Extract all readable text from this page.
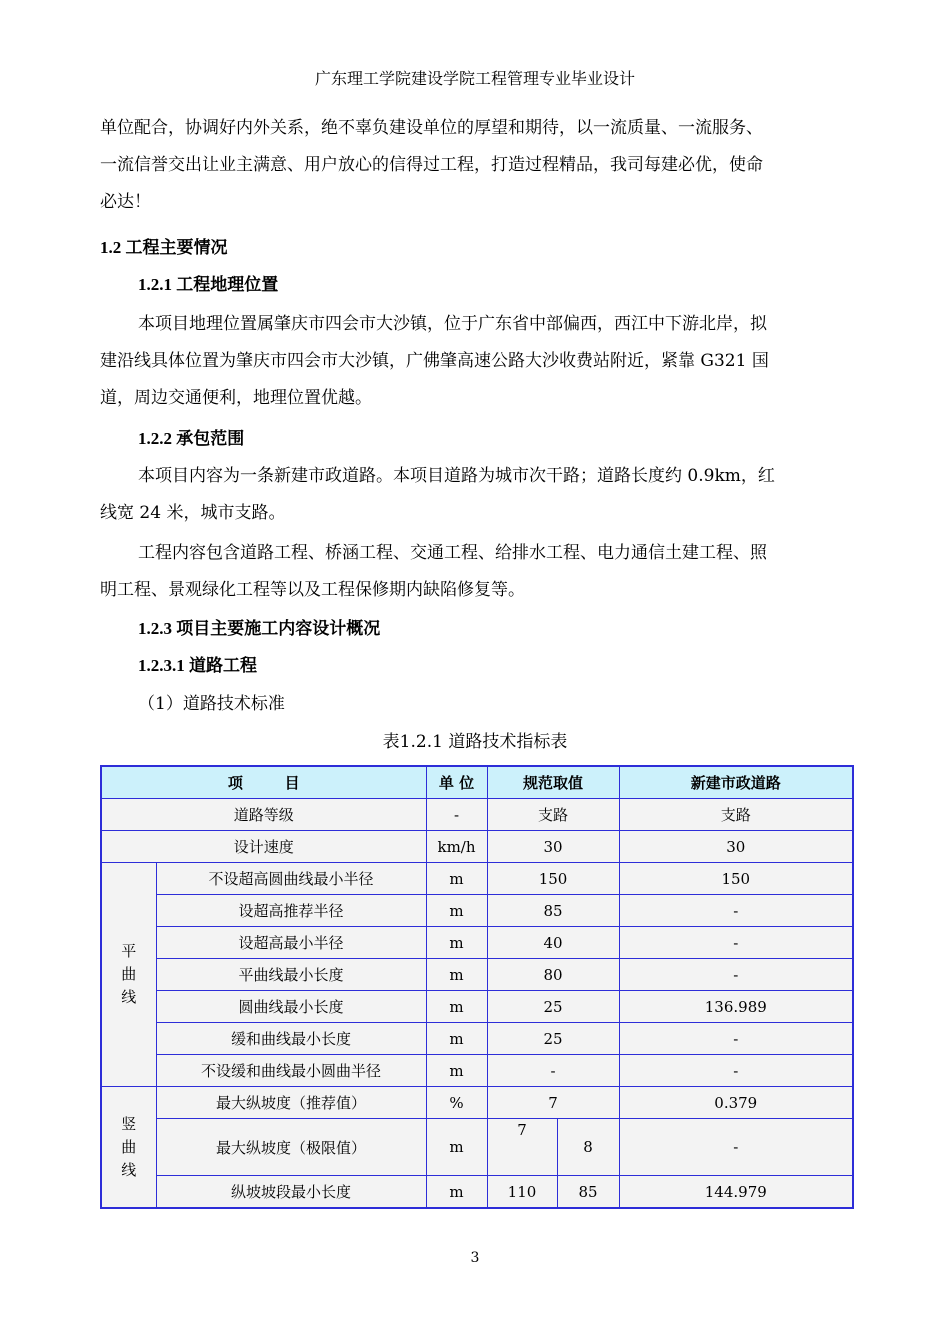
广东理工学院建设学院工程管理专业毕业设计
单位配合，协调好内外关系，绝不辜负建设单位的厚望和期待，以一流质量、一流服务、
一流信誉交出让业主满意、用户放心的信得过工程，打造过程精品，我司每建必优，使命
必达！
1.2 工程主要情况
1.2.1 工程地理位置
本项目地理位置属肇庆市四会市大沙镇，位于广东省中部偏西，西江中下游北岸，拟
建沿线具体位置为肇庆市四会市大沙镇，广佛肇高速公路大沙收费站附近，紧靠 G321 国
道，周边交通便利，地理位置优越。
1.2.2 承包范围
本项目内容为一条新建市政道路。本项目道路为城市次干路；道路长度约 0.9km，红
线宽 24 米，城市支路。
工程内容包含道路工程、桥涵工程、交通工程、给排水工程、电力通信土建工程、照
明工程、景观绿化工程等以及工程保修期内缺陷修复等。
1.2.3 项目主要施工内容设计概况
1.2.3.1 道路工程
（1）道路技术标准
表1.2.1 道路技术指标表
项        目		单 位	规范取值		新建市政道路
道路等级		-	支路		支路
设计速度		km/h	30		30

平
曲
线	不设超高圆曲线最小半径	m	150		150
	设超高推荐半径	m	85		-
	设超高最小半径	m	40		-
	平曲线最小长度	m	80		-
	圆曲线最小长度	m	25		136.989
	缓和曲线最小长度	m	25		-
	不设缓和曲线最小圆曲半径	m	-		-

竖
曲
线	最大纵坡度（推荐值）	%	7		0.379
	最大纵坡度（极限值）	m	7	8	-
	纵坡坡段最小长度	m	110	85	144.979
3
